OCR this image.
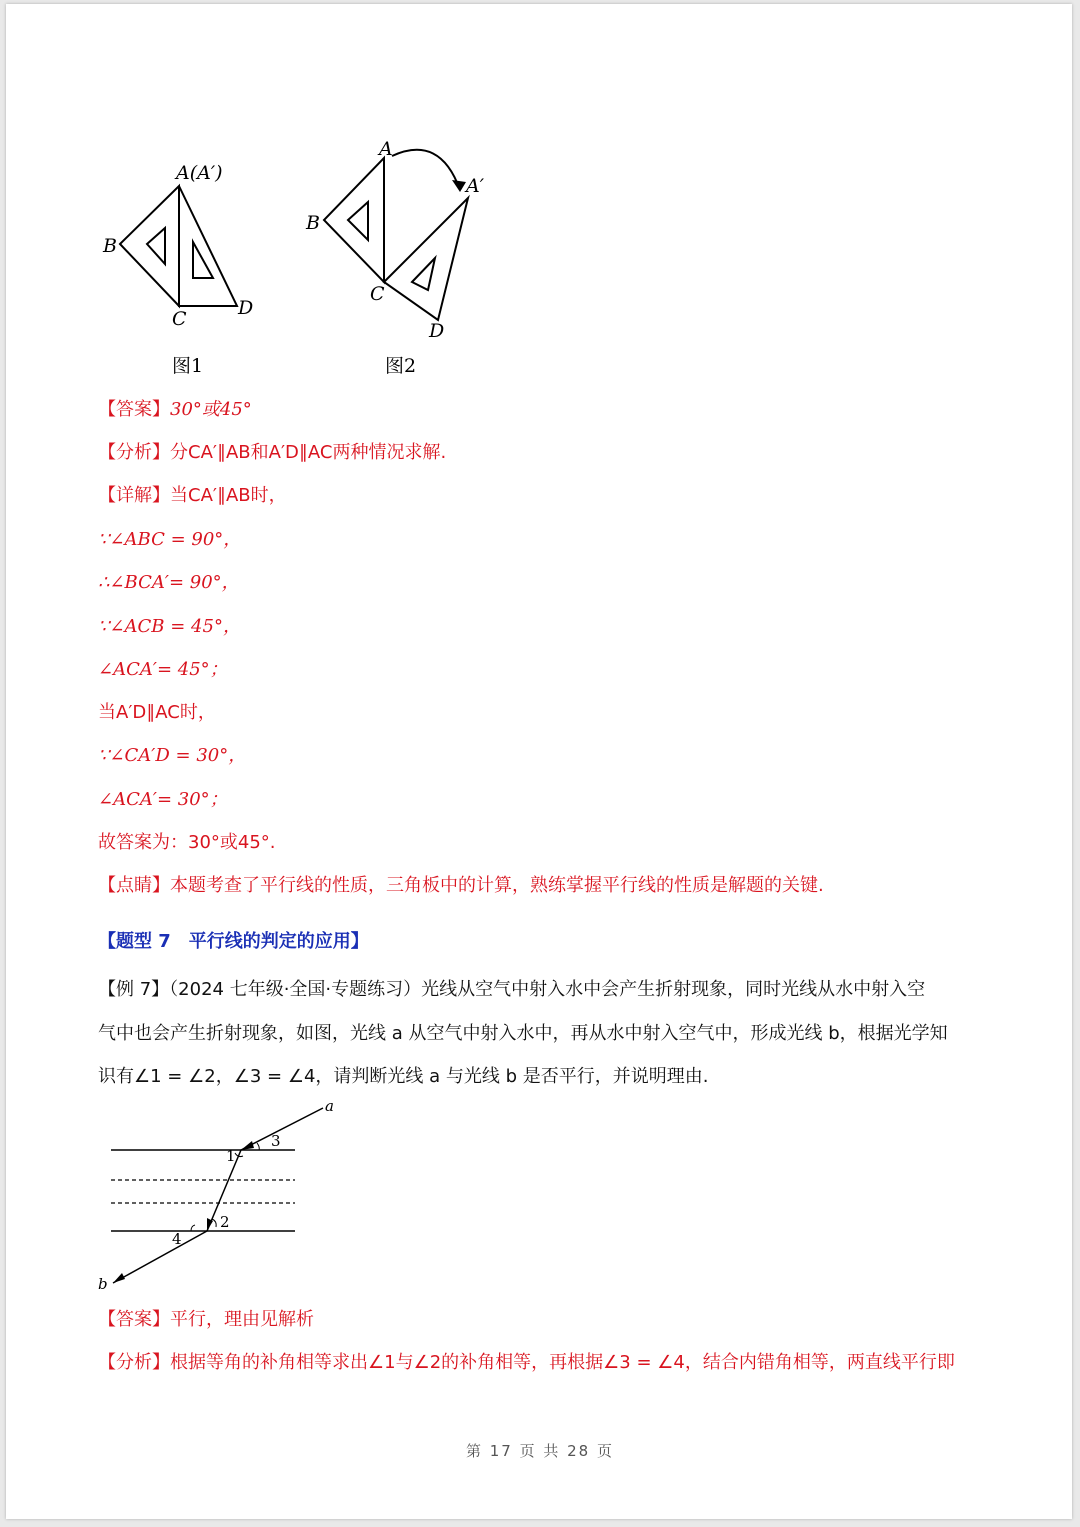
A(A′)
B
C	D
图1
A
A′
B
C
D
图2
【答案】30°或45°
【分析】分CA′∥AB和A′D∥AC两种情况求解.
【详解】当CA′∥AB时，
∵∠ABC = 90°，
∴∠BCA′= 90°，
∵∠ACB = 45°，
∠ACA′= 45°；
当A′D∥AC时，
∵∠CA′D = 30°，
∠ACA′= 30°；
故答案为：30°或45°.
【点睛】本题考查了平行线的性质，三角板中的计算，熟练掌握平行线的性质是解题的关键.
【题型 7　平行线的判定的应用】
【例 7】（2024 七年级·全国·专题练习）光线从空气中射入水中会产生折射现象，同时光线从水中射入空
气中也会产生折射现象，如图，光线 a 从空气中射入水中，再从水中射入空气中，形成光线 b，根据光学知
识有∠1 = ∠2，∠3 = ∠4，请判断光线 a 与光线 b 是否平行，并说明理由.
a
b
1
2
3
4
【答案】平行，理由见解析
【分析】根据等角的补角相等求出∠1与∠2的补角相等，再根据∠3 = ∠4，结合内错角相等，两直线平行即
第 17 页 共 28 页
